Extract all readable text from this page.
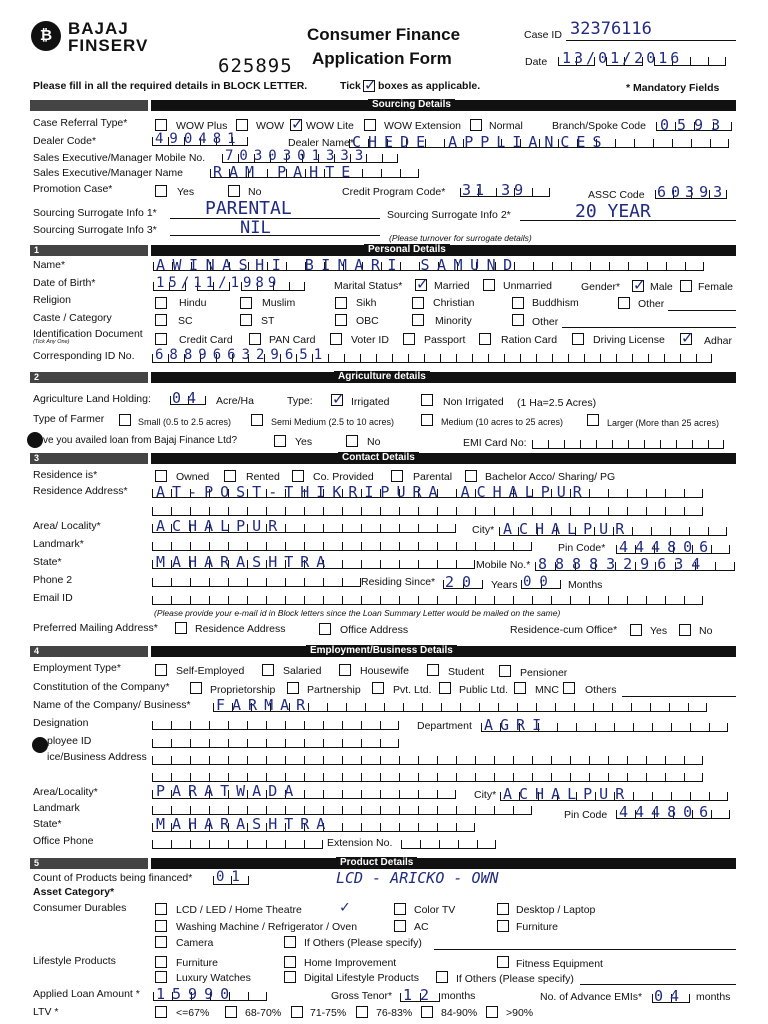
₿ BAJAJ
FINSERV
Consumer Finance
Application Form
625895
Case ID 32376116
Date 13/01/2016
Please fill in all the required details in BLOCK LETTER.	Tick ✓ boxes as applicable.	* Mandatory Fields
Sourcing Details
Case Referral Type*	WOW Plus	WOW ✓ WOW Lite	WOW Extension	Normal	Branch/Spoke Code 0593
Dealer Code*	490481	Dealer Name*
CHEDE APPLIANCES
Sales Executive/Manager Mobile No. 7030301333
Sales Executive/Manager Name RAM PAHTE
Promotion Case*	Yes	No	Credit Program Code* 31 39	ASSC Code 60393
Sourcing Surrogate Info 1*	PARENTAL	Sourcing Surrogate Info 2*	20 YEAR
Sourcing Surrogate Info 3*	NIL	(Please turnover for surrogate details)
1	Personal Details
Name*	AWINASHI BIMARI SAMUND
Date of Birth*	15/11/1989	Marital Status* ✓	Married	Unmarried	Gender* ✓	Male Female
Religion	Hindu	Muslim	Sikh	Christian	Buddhism	Other
Caste / Category	SC	ST	OBC	Minority	Other
Identification Document
(Tick Any One)	Credit Card	PAN Card	Voter ID	Passport	Ration Card	Driving License ✓	Adhar
Corresponding ID No. 688966329651
2	Agriculture details
Agriculture Land Holding: 04 Acre/Ha	Type: ✓	Irrigated	Non Irrigated (1 Ha=2.5 Acres)
Type of Farmer	Small (0.5 to 2.5 acres)	Semi Medium (2.5 to 10 acres)	Medium (10 acres to 25 acres)	Larger (More than 25 acres)
ve you availed loan from Bajaj Finance Ltd?	Yes	No	EMI Card No:
3	Contact Details
Residence is*	Owned	Rented	Co. Provided	Parental	Bachelor Acco/ Sharing/ PG
Residence Address* AT-POST-THIKRIPURA ACHALPUR
Area/ Locality*	ACHALPUR	City* ACHALPUR
Landmark*	Pin Code* 444806
State*	MAHARASHTRA	Mobile No.* 8888329634
Phone 2	Residing Since* 20 Years 00 Months
Email ID
(Please provide your e-mail id in Block letters since the Loan Summary Letter would be mailed on the same)
Preferred Mailing Address*	Residence Address	Office Address	Residence-cum Office*	Yes	No
4	Employment/Business Details
Employment Type*	Self-Employed	Salaried	Housewife	Student	Pensioner
Constitution of the Company*	Proprietorship	Partnership	Pvt. Ltd.	Public Ltd.	MNC Others
Name of the Company/ Business* FARMAR
Designation	Department AGRI
ployee ID
ice/Business Address
Area/Locality*	PARATWADA	City* ACHALPUR
Landmark
Pin Code 444806
State*	MAHARASHTRA
Office Phone	Extension No.
5	Product Details
Count of Products being financed* 01	LCD - ARICKO - OWN
Asset Category*
Consumer Durables	LCD / LED / Home Theatre ✓	Color TV	Desktop / Laptop
Washing Machine / Refrigerator / Oven	AC	Furniture
Camera	If Others (Please specify)
Lifestyle Products	Furniture	Home Improvement	Fitness Equipment
Luxury Watches	Digital Lifestyle Products	If Others (Please specify)
Applied Loan Amount * 15990	Gross Tenor* 12 months	No. of Advance EMIs* 04 months
LTV *	<=67%	68-70%	71-75%	76-83%	84-90%	>90%
